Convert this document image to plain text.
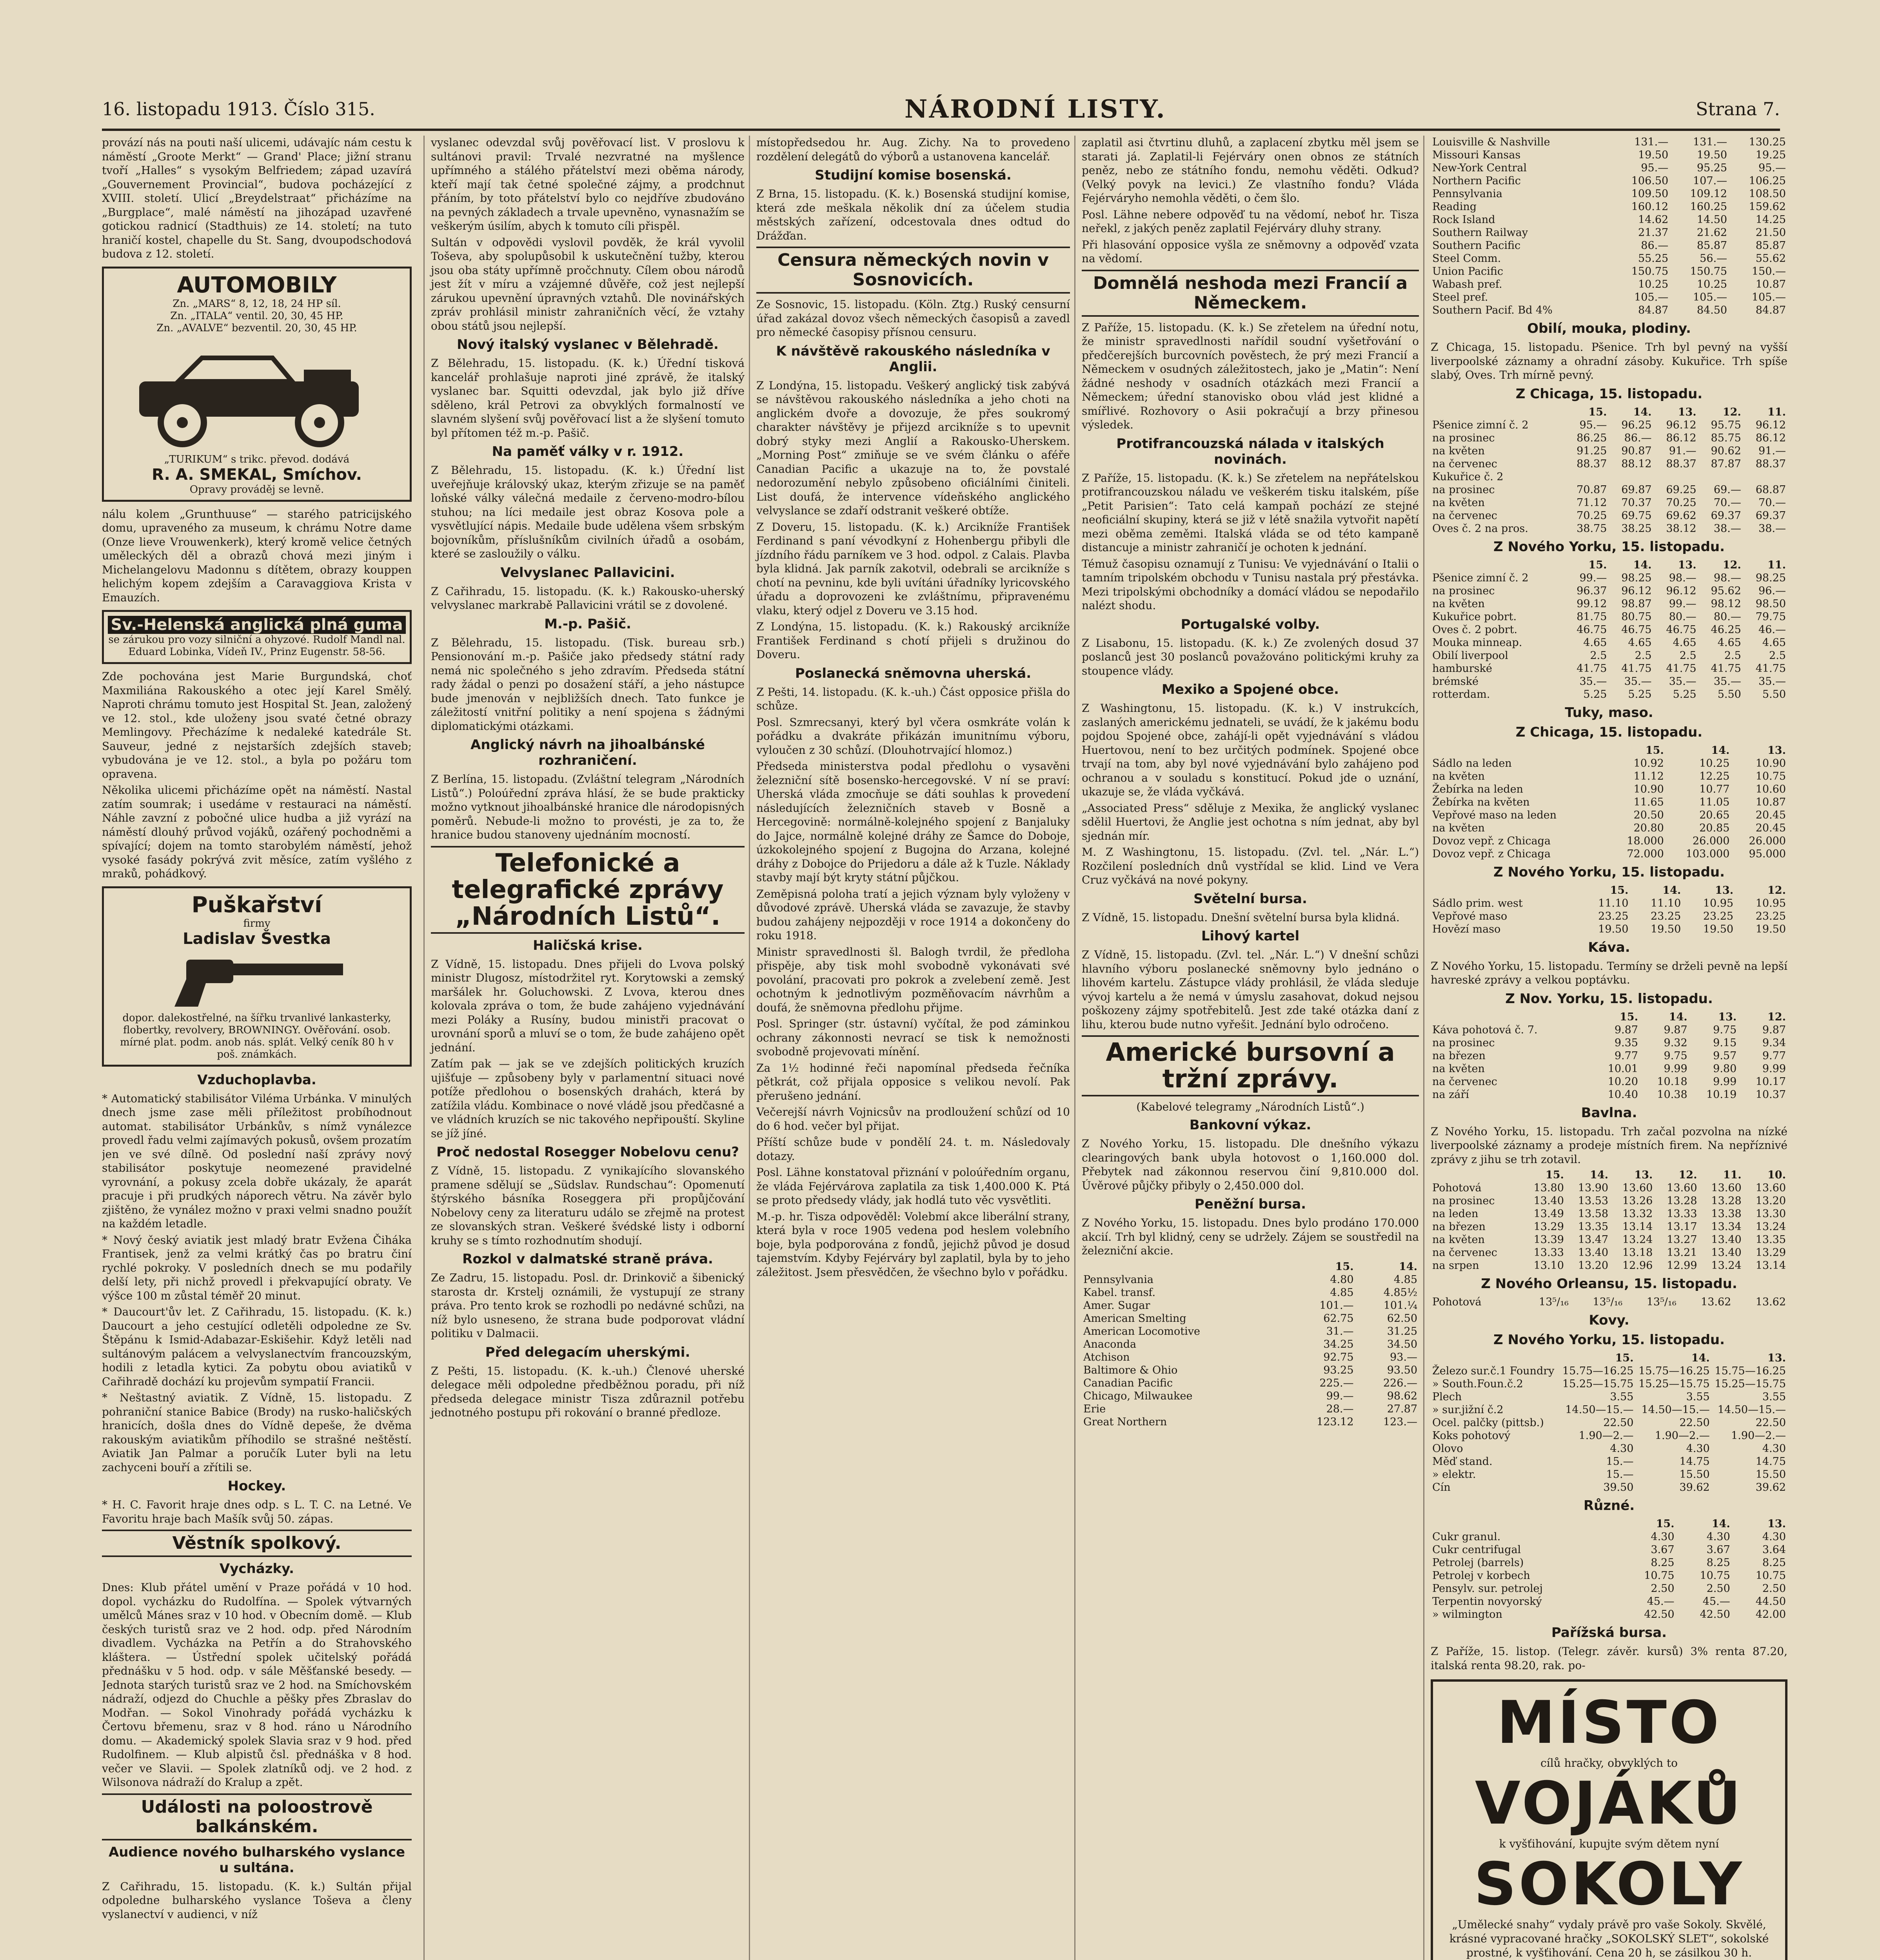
16. listopadu 1913. Číslo 315.	NÁRODNÍ LISTY.	Strana 7.

provází nás na pouti naší ulicemi, udávajíc nám cestu k náměstí „Groote Merkt“ — Grand' Place; jižní stranu tvoří „Halles“ s vysokým Belfriedem; západ uzavírá „Gouvernement Provincial“, budova pocházející z XVIII. století. Ulicí „Breydelstraat“ přicházíme na „Burgplace“, malé náměstí na jihozápad uzavřené gotickou radnicí (Stadthuis) ze 14. století; na tuto hraničí kostel, chapelle du St. Sang, dvoupodschodová budova z 12. století.

AUTOMOBILY
Zn. „MARS“ 8, 12, 18, 24 HP síl.
Zn. „ITALA“ ventil. 20, 30, 45 HP.
Zn. „AVALVE“ bezventil. 20, 30, 45 HP.
„TURIKUM“ s trikc. převod. dodává
R. A. SMEKAL, Smíchov.
Opravy prováděj se levně.

nálu kolem „Grunthuuse“ — starého patricijského domu, upraveného za museum, k chrámu Notre dame (Onze lieve Vrouwenkerk), který kromě velice četných uměleckých děl a obrazů chová mezi jiným i Michelangelovu Madonnu s dítětem, obrazy kouppen helichým kopem zdejším a Caravaggiova Krista v Emauzích.

Sv.-Helenská anglická plná guma
se zárukou pro vozy silniční a ohyzové. Rudolf Mandl nal. Eduard Lobinka, Vídeň IV., Prinz Eugenstr. 58-56.

Zde pochována jest Marie Burgundská, choť Maxmiliána Rakouského a otec její Karel Smělý. Naproti chrámu tomuto jest Hospital St. Jean, založený ve 12. stol., kde uloženy jsou svaté četné obrazy Memlingovy. Přecházíme k nedaleké katedrále St. Sauveur, jedné z nejstarších zdejších staveb; vybudována je ve 12. stol., a byla po požáru tom opravena.

Několika ulicemi přicházíme opět na náměstí. Nastal zatím soumrak; i usedáme v restauraci na náměstí. Náhle zavzní z pobočné ulice hudba a již vyrází na náměstí dlouhý průvod vojáků, ozářený pochodněmi a spívající; dojem na tomto starobylém náměstí, jehož vysoké fasády pokrývá zvit měsíce, zatím vyšlého z mraků, pohádkový.

Puškařství
firmy
Ladislav Švestka
dopor. dalekostřelné, na šířku trvanlivé lankasterky, flobertky, revolvery, BROWNINGY. Ověřování. osob. mírné plat. podm. anob nás. splát. Velký ceník 80 h v poš. známkách.
Vzduchoplavba.

* Automatický stabilisátor Viléma Urbánka. V minulých dnech jsme zase měli příležitost probíhodnout automat. stabilisátor Urbánkův, s nímž vynálezce provedl řadu velmi zajímavých pokusů, ovšem prozatím jen ve své dílně. Od poslední naší zprávy nový stabilisátor poskytuje neomezené pravidelné vyrovnání, a pokusy zcela dobře ukázaly, že aparát pracuje i při prudkých náporech větru. Na závěr bylo zjištěno, že vynález možno v praxi velmi snadno použít na každém letadle.

* Nový český aviatik jest mladý bratr Evžena Čiháka Frantisek, jenž za velmi krátký čas po bratru činí rychlé pokroky. V posledních dnech se mu podařily delší lety, při nichž provedl i překvapující obraty. Ve výšce 100 m zůstal téměř 20 minut.

* Daucourt'ův let. Z Cařihradu, 15. listopadu. (K. k.) Daucourt a jeho cestující odletěli odpoledne ze Sv. Štěpánu k Ismid-Adabazar-Eskišehir. Když letěli nad sultánovým palácem a velvyslanectvím francouzským, hodili z letadla kytici. Za pobytu obou aviatiků v Cařihradě dochází ku projevům sympatií Francii.

* Neštastný aviatik. Z Vídně, 15. listopadu. Z pohraniční stanice Babice (Brody) na rusko-haličských hranicích, došla dnes do Vídně depeše, že dvěma rakouským aviatikům příhodilo se strašné neštěstí. Aviatik Jan Palmar a poručík Luter byli na letu zachyceni bouří a zřítili se.

Hockey.

* H. C. Favorit hraje dnes odp. s L. T. C. na Letné. Ve Favoritu hraje bach Mašík svůj 50. zápas.

Věstník spolkový.
Vycházky.

Dnes: Klub přátel umění v Praze pořádá v 10 hod. dopol. vycházku do Rudolfína. — Spolek výtvarných umělců Mánes sraz v 10 hod. v Obecním domě. — Klub českých turistů sraz ve 2 hod. odp. před Národním divadlem. Vycházka na Petřín a do Strahovského kláštera. — Ústřední spolek učitelský pořádá přednášku v 5 hod. odp. v sále Měšťanské besedy. — Jednota starých turistů sraz ve 2 hod. na Smíchovském nádraží, odjezd do Chuchle a pěšky přes Zbraslav do Modřan. — Sokol Vinohrady pořádá vycházku k Čertovu břemenu, sraz v 8 hod. ráno u Národního domu. — Akademický spolek Slavia sraz v 9 hod. před Rudolfinem. — Klub alpistů čsl. přednáška v 8 hod. večer ve Slavii. — Spolek zlatníků odj. ve 2 hod. z Wilsonova nádraží do Kralup a zpět.

Události na poloostrově balkánském.
Audience nového bulharského vyslance u sultána.

Z Cařihradu, 15. listopadu. (K. k.) Sultán přijal odpoledne bulharského vyslance Toševa a členy vyslanectví v audienci, v níž

vyslanec odevzdal svůj pověřovací list. V proslovu k sultánovi pravil: Trvalé nezvratné na myšlence upřímného a stálého přátelství mezi oběma národy, kteří mají tak četné společné zájmy, a prodchnut přáním, by toto přátelství bylo co nejdříve zbudováno na pevných základech a trvale upevněno, vynasnažím se veškerým úsilím, abych k tomuto cíli přispěl.

Sultán v odpovědi vyslovil povděk, že král vyvolil Toševa, aby spolupůsobil k uskutečnění tužby, kterou jsou oba státy upřímně pročchnuty. Cílem obou národů jest žít v míru a vzájemné důvěře, což jest nejlepší zárukou upevnění úpravných vztahů. Dle novinářských zpráv prohlásil ministr zahraničních věcí, že vztahy obou států jsou nejlepší.

Nový italský vyslanec v Bělehradě.

Z Bělehradu, 15. listopadu. (K. k.) Úřední tisková kancelář prohlašuje naproti jiné zprávě, že italský vyslanec bar. Squitti odevzdal, jak bylo již dříve sděleno, král Petrovi za obvyklých formalností ve slavném slyšení svůj pověřovací list a že slyšení tomuto byl přítomen též m.-p. Pašič.

Na paměť války v r. 1912.

Z Bělehradu, 15. listopadu. (K. k.) Úřední list uveřejňuje královský ukaz, kterým zřizuje se na paměť loňské války válečná medaile z červeno-modro-bílou stuhou; na líci medaile jest obraz Kosova pole a vysvětlující nápis. Medaile bude udělena všem srbským bojovníkům, příslušníkům civilních úřadů a osobám, které se zasloužily o válku.

Velvyslanec Pallavicini.

Z Cařihradu, 15. listopadu. (K. k.) Rakousko-uherský velvyslanec markrabě Pallavicini vrátil se z dovolené.

M.-p. Pašič.

Z Bělehradu, 15. listopadu. (Tisk. bureau srb.) Pensionování m.-p. Pašiče jako předsedy státní rady nemá nic společného s jeho zdravím. Předseda státní rady žádal o penzi po dosažení stáří, a jeho nástupce bude jmenován v nejbližších dnech. Tato funkce je záležitostí vnitřní politiky a není spojena s žádnými diplomatickými otázkami.

Anglický návrh na jihoalbánské rozhraničení.

Z Berlína, 15. listopadu. (Zvláštní telegram „Národních Listů“.) Poloúřední zpráva hlásí, že se bude prakticky možno vytknout jihoalbánské hranice dle národopisných poměrů. Nebude-li možno to provésti, je za to, že hranice budou stanoveny ujednáním mocností.

Telefonické a telegrafické zprávy „Národních Listů“.
Haličská krise.

Z Vídně, 15. listopadu. Dnes přijeli do Lvova polský ministr Dlugosz, místodržitel ryt. Korytowski a zemský maršálek hr. Goluchowski. Z Lvova, kterou dnes kolovala zpráva o tom, že bude zahájeno vyjednávání mezi Poláky a Rusíny, budou ministři pracovat o urovnání sporů a mluví se o tom, že bude zahájeno opět jednání.

Zatím pak — jak se ve zdejších politických kruzích ujišťuje — způsobeny byly v parlamentní situaci nové potíže předlohou o bosenských drahách, která by zatížila vládu. Kombinace o nové vládě jsou předčasné a ve vládních kruzích se nic takového nepřipouští. Skyline se jíž jíné.

Proč nedostal Rosegger Nobelovu cenu?

Z Vídně, 15. listopadu. Z vynikajícího slovanského pramene sdělují se „Südslav. Rundschau“: Opomenutí štýrského básníka Roseggera při propůjčování Nobelovy ceny za literaturu událo se zřejmě na protest ze slovanských stran. Veškeré švédské listy i odborní kruhy se s tímto rozhodnutím shodují.

Rozkol v dalmatské straně práva.

Ze Zadru, 15. listopadu. Posl. dr. Drinkovič a šibenický starosta dr. Krstelj oznámili, že vystupují ze strany práva. Pro tento krok se rozhodli po nedávné schůzi, na níž bylo usneseno, že strana bude podporovat vládní politiku v Dalmacii.

Před delegacím uherskými.

Z Pešti, 15. listopadu. (K. k.-uh.) Členové uherské delegace měli odpoledne předběžnou poradu, při níž předseda delegace ministr Tisza zdůraznil potřebu jednotného postupu při rokování o branné předloze.

místopředsedou hr. Aug. Zichy. Na to provedeno rozdělení delegátů do výborů a ustanovena kancelář.

Studijní komise bosenská.

Z Brna, 15. listopadu. (K. k.) Bosenská studijní komise, která zde meškala několik dní za účelem studia městských zařízení, odcestovala dnes odtud do Drážďan.

Censura německých novin v Sosnovicích.

Ze Sosnovic, 15. listopadu. (Köln. Ztg.) Ruský censurní úřad zakázal dovoz všech německých časopisů a zavedl pro německé časopisy přísnou censuru.

K návštěvě rakouského následníka v Anglii.

Z Londýna, 15. listopadu. Veškerý anglický tisk zabývá se návštěvou rakouského následníka a jeho choti na anglickém dvoře a dovozuje, že přes soukromý charakter návštěvy je přijezd arcikníže s to upevnit dobrý styky mezi Anglií a Rakousko-Uherskem. „Morning Post“ zmiňuje se ve svém článku o aféře Canadian Pacific a ukazuje na to, že povstalé nedorozumění nebylo způsobeno oficiálními činiteli. List doufá, že intervence vídeňského anglického velvyslance se zdaří odstranit veškeré obtíže.

Z Doveru, 15. listopadu. (K. k.) Arcikníže František Ferdinand s paní vévodkyní z Hohenbergu přibyli dle jízdního řádu parníkem ve 3 hod. odpol. z Calais. Plavba byla klidná. Jak parník zakotvil, odebrali se arcikníže s chotí na pevninu, kde byli uvítáni úřadníky lyricovského úřadu a doprovozeni ke zvláštnímu, připravenému vlaku, který odjel z Doveru ve 3.15 hod.

Z Londýna, 15. listopadu. (K. k.) Rakouský arcikníže František Ferdinand s chotí přijeli s družinou do Doveru.

Poslanecká sněmovna uherská.

Z Pešti, 14. listopadu. (K. k.-uh.) Část opposice přišla do schůze.

Posl. Szmrecsanyi, který byl včera osmkráte volán k pořádku a dvakráte přikázán imunitnímu výboru, vyloučen z 30 schůzí. (Dlouhotrvající hlomoz.)

Předseda ministerstva podal předlohu o vysavěni železniční sítě bosensko-hercegovské. V ní se praví: Uherská vláda zmocňuje se dáti souhlas k provedení následujících železničních staveb v Bosně a Hercegovině: normálně-kolejného spojení z Banjaluky do Jajce, normálně kolejné dráhy ze Šamce do Doboje, úzkokolejného spojení z Bugojna do Arzana, kolejné dráhy z Dobojce do Prijedoru a dále až k Tuzle. Náklady stavby mají být kryty státní půjčkou.

Zeměpisná poloha tratí a jejich význam byly vyloženy v důvodové zprávě. Uherská vláda se zavazuje, že stavby budou zahájeny nejpozději v roce 1914 a dokončeny do roku 1918.

Ministr spravedlnosti šl. Balogh tvrdil, že předloha přispěje, aby tisk mohl svobodně vykonávati své povolání, pracovati pro pokrok a zvelebení země. Jest ochotným k jednotlivým pozměňovacím návrhům a doufá, že sněmovna předlohu přijme.

Posl. Springer (str. ústavní) vyčítal, že pod záminkou ochrany zákonnosti nevrací se tisk k nemožnosti svobodně projevovati mínění.

Za 1½ hodinné řeči napomínal předseda řečníka pětkrát, což přijala opposice s velikou nevolí. Pak přerušeno jednání.

Večerejší návrh Vojnicsův na prodloužení schůzí od 10 do 6 hod. večer byl přijat.

Příští schůze bude v pondělí 24. t. m. Následovaly dotazy.

Posl. Lähne konstatoval přiznání v poloúředním organu, že vláda Fejérvárova zaplatila za tisk 1,400.000 K. Ptá se proto předsedy vlády, jak hodlá tuto věc vysvětliti.

M.-p. hr. Tisza odpověděl: Volebmí akce liberální strany, která byla v roce 1905 vedena pod heslem volebního boje, byla podporována z fondů, jejichž původ je dosud tajemstvím. Kdyby Fejérváry byl zaplatil, byla by to jeho záležitost. Jsem přesvědčen, že všechno bylo v pořádku.

zaplatil asi čtvrtinu dluhů, a zaplacení zbytku měl jsem se starati já. Zaplatil-li Fejérváry onen obnos ze státních peněz, nebo ze státního fondu, nemohu věděti. Odkud? (Velký povyk na levici.) Ze vlastního fondu? Vláda Fejérváryho nemohla věděti, o čem šlo.

Posl. Lähne nebere odpověď tu na vědomí, neboť hr. Tisza neřekl, z jakých peněz zaplatil Fejérváry dluhy strany.

Při hlasování opposice vyšla ze sněmovny a odpověď vzata na vědomí.

Domnělá neshoda mezi Francií a Německem.

Z Paříže, 15. listopadu. (K. k.) Se zřetelem na úřední notu, že ministr spravedlnosti nařídil soudní vyšetřování o předčerejších burcovních pověstech, že prý mezi Francií a Německem v osudných záležitostech, jako je „Matin“: Není žádné neshody v osadních otázkách mezi Francií a Německem; úřední stanovisko obou vlád jest klidné a smířlivé. Rozhovory o Asii pokračují a brzy přinesou výsledek.

Protifrancouzská nálada v italských novinách.

Z Paříže, 15. listopadu. (K. k.) Se zřetelem na nepřátelskou protifrancouzskou náladu ve veškerém tisku italském, píše „Petit Parisien“: Tato celá kampaň pochází ze stejné neoficiální skupiny, která se již v létě snažila vytvořit napětí mezi oběma zeměmi. Italská vláda se od této kampaně distancuje a ministr zahraničí je ochoten k jednání.

Témuž časopisu oznamují z Tunisu: Ve vyjednávání o Italii o tamním tripolském obchodu v Tunisu nastala prý přestávka. Mezi tripolskými obchodníky a domácí vládou se nepodařilo nalézt shodu.

Portugalské volby.

Z Lisabonu, 15. listopadu. (K. k.) Ze zvolených dosud 37 poslanců jest 30 poslanců považováno politickými kruhy za stoupence vlády.

Mexiko a Spojené obce.

Z Washingtonu, 15. listopadu. (K. k.) V instrukcích, zaslaných americkému jednateli, se uvádí, že k jakému bodu pojdou Spojené obce, zahájí-li opět vyjednávání s vládou Huertovou, není to bez určitých podmínek. Spojené obce trvají na tom, aby byl nové vyjednávání bylo zahájeno pod ochranou a v souladu s konstitucí. Pokud jde o uznání, ukazuje se, že vláda vyčkává.

„Associated Press“ sděluje z Mexika, že anglický vyslanec sdělil Huertovi, že Anglie jest ochotna s ním jednat, aby byl sjednán mír.

M. Z Washingtonu, 15. listopadu. (Zvl. tel. „Nár. L.“) Rozčilení posledních dnů vystřídal se klid. Lind ve Vera Cruz vyčkává na nové pokyny.

Světelní bursa.

Z Vídně, 15. listopadu. Dnešní světelní bursa byla klidná.

Lihový kartel

Z Vídně, 15. listopadu. (Zvl. tel. „Nár. L.“) V dnešní schůzi hlavního výboru poslanecké sněmovny bylo jednáno o lihovém kartelu. Zástupce vlády prohlásil, že vláda sleduje vývoj kartelu a že nemá v úmyslu zasahovat, dokud nejsou poškozeny zájmy spotřebitelů. Jest zde také otázka daní z lihu, kterou bude nutno vyřešit. Jednání bylo odročeno.

Americké bursovní a tržní zprávy.
(Kabelové telegramy „Národních Listů“.)
Bankovní výkaz.

Z Nového Yorku, 15. listopadu. Dle dnešního výkazu clearingových bank ubyla hotovost o 1,160.000 dol. Přebytek nad zákonnou reservou činí 9,810.000 dol. Úvěrové půjčky přibyly o 2,450.000 dol.

Peněžní bursa.

Z Nového Yorku, 15. listopadu. Dnes bylo prodáno 170.000 akcií. Trh byl klidný, ceny se udržely. Zájem se soustředil na železniční akcie.

	15.	14.
Pennsylvania	4.80	4.85
Kabel. transf.	4.85	4.85½
Amer. Sugar	101.—	101.¼
American Smelting	62.75	62.50
American Locomotive	31.—	31.25
Anaconda	34.25	34.50
Atchison	92.75	93.—
Baltimore & Ohio	93.25	93.50
Canadian Pacific	225.—	226.—
Chicago, Milwaukee	99.—	98.62
Erie	28.—	27.87
Great Northern	123.12	123.—
Louisville & Nashville	131.—	131.—	130.25
Missouri Kansas	19.50	19.50	19.25
New-York Central	95.—	95.25	95.—
Northern Pacific	106.50	107.—	106.25
Pennsylvania	109.50	109.12	108.50
Reading	160.12	160.25	159.62
Rock Island	14.62	14.50	14.25
Southern Railway	21.37	21.62	21.50
Southern Pacific	86.—	85.87	85.87
Steel Comm.	55.25	56.—	55.62
Union Pacific	150.75	150.75	150.—
Wabash pref.	10.25	10.25	10.87
Steel pref.	105.—	105.—	105.—
Southern Pacif. Bd 4%	84.87	84.50	84.87
Obilí, mouka, plodiny.

Z Chicaga, 15. listopadu. Pšenice. Trh byl pevný na vyšší liverpoolské záznamy a ohradní zásoby. Kukuřice. Trh spíše slabý, Oves. Trh mírně pevný.

Z Chicaga, 15. listopadu.
	15.	14.	13.	12.	11.
Pšenice zimní č. 2	95.—	96.25	96.12	95.75	96.12
na prosinec	86.25	86.—	86.12	85.75	86.12
na květen	91.25	90.87	91.—	90.62	91.—
na červenec	88.37	88.12	88.37	87.87	88.37
Kukuřice č. 2					
na prosinec	70.87	69.87	69.25	69.—	68.87
na květen	71.12	70.37	70.25	70.—	70.—
na červenec	70.25	69.75	69.62	69.37	69.37
Oves č. 2 na pros.	38.75	38.25	38.12	38.—	38.—
Z Nového Yorku, 15. listopadu.
	15.	14.	13.	12.	11.
Pšenice zimní č. 2	99.—	98.25	98.—	98.—	98.25
na prosinec	96.37	96.12	96.12	95.62	96.—
na květen	99.12	98.87	99.—	98.12	98.50
Kukuřice pobrt.	81.75	80.75	80.—	80.—	79.75
Oves č. 2 pobrt.	46.75	46.75	46.75	46.25	46.—
Mouka minneap.	4.65	4.65	4.65	4.65	4.65
Obilí liverpool	2.5	2.5	2.5	2.5	2.5
hamburské	41.75	41.75	41.75	41.75	41.75
brémské	35.—	35.—	35.—	35.—	35.—
rotterdam.	5.25	5.25	5.25	5.50	5.50
Tuky, maso.
Z Chicaga, 15. listopadu.
	15.	14.	13.
Sádlo na leden	10.92	10.25	10.90
na květen	11.12	12.25	10.75
Žebírka na leden	10.90	10.77	10.60
Žebírka na květen	11.65	11.05	10.87
Vepřové maso na leden	20.50	20.65	20.45
na květen	20.80	20.85	20.45
Dovoz vepř. z Chicaga	18.000	26.000	26.000
Dovoz vepř. z Chicaga	72.000	103.000	95.000
Z Nového Yorku, 15. listopadu.
	15.	14.	13.	12.
Sádlo prim. west	11.10	11.10	10.95	10.95
Vepřové maso	23.25	23.25	23.25	23.25
Hovězí maso	19.50	19.50	19.50	19.50
Káva.

Z Nového Yorku, 15. listopadu. Termíny se drželi pevně na lepší havreské zprávy a velkou poptávku.

Z Nov. Yorku, 15. listopadu.
	15.	14.	13.	12.
Káva pohotová č. 7.	9.87	9.87	9.75	9.87
na prosinec	9.35	9.32	9.15	9.34
na březen	9.77	9.75	9.57	9.77
na květen	10.01	9.99	9.80	9.99
na červenec	10.20	10.18	9.99	10.17
na září	10.40	10.38	10.19	10.37
Bavlna.

Z Nového Yorku, 15. listopadu. Trh začal pozvolna na nízké liverpoolské záznamy a prodeje místních firem. Na nepříznivé zprávy z jihu se trh zotavil.

	15.	14.	13.	12.	11.	10.
Pohotová	13.80	13.90	13.60	13.60	13.60	13.60
na prosinec	13.40	13.53	13.26	13.28	13.28	13.20
na leden	13.49	13.58	13.32	13.33	13.38	13.30
na březen	13.29	13.35	13.14	13.17	13.34	13.24
na květen	13.39	13.47	13.24	13.27	13.40	13.35
na červenec	13.33	13.40	13.18	13.21	13.40	13.29
na srpen	13.10	13.20	12.96	12.99	13.24	13.14
Z Nového Orleansu, 15. listopadu.
Pohotová	13⁵/₁₆	13⁵/₁₆	13⁵/₁₆	13.62	13.62
Kovy.
Z Nového Yorku, 15. listopadu.
	15.	14.	13.
Železo sur.č.1 Foundry	15.75—16.25	15.75—16.25	15.75—16.25
» South.Foun.č.2	15.25—15.75	15.25—15.75	15.25—15.75
Plech	3.55	3.55	3.55
» sur.jižní č.2	14.50—15.—	14.50—15.—	14.50—15.—
Ocel. palčky (pittsb.)	22.50	22.50	22.50
Koks pohotový	1.90—2.—	1.90—2.—	1.90—2.—
Olovo	4.30	4.30	4.30
Měď stand.	15.—	14.75	14.75
» elektr.	15.—	15.50	15.50
Cín	39.50	39.62	39.62
Různé.
	15.	14.	13.
Cukr granul.	4.30	4.30	4.30
Cukr centrifugal	3.67	3.67	3.64
Petrolej (barrels)	8.25	8.25	8.25
Petrolej v korbech	10.75	10.75	10.75
Pensylv. sur. petrolej	2.50	2.50	2.50
Terpentin novyorský	45.—	45.—	44.50
» wilmington	42.50	42.50	42.00
Pařížská bursa.

Z Paříže, 15. listop. (Telegr. závěr. kursů) 3% renta 87.20, italská renta 98.20, rak. po-

MÍSTO
cílů hračky, obvyklých to
VOJÁKŮ
k vyšťihování, kupujte svým dětem nyní
SOKOLY
„Umělecké snahy“ vydaly právě pro vaše Sokoly. Skvělé, krásné vypracované hračky „SOKOLSKÝ SLET“, sokolské prostné, k vyšťihování. Cena 20 h, se zásilkou 30 h.
